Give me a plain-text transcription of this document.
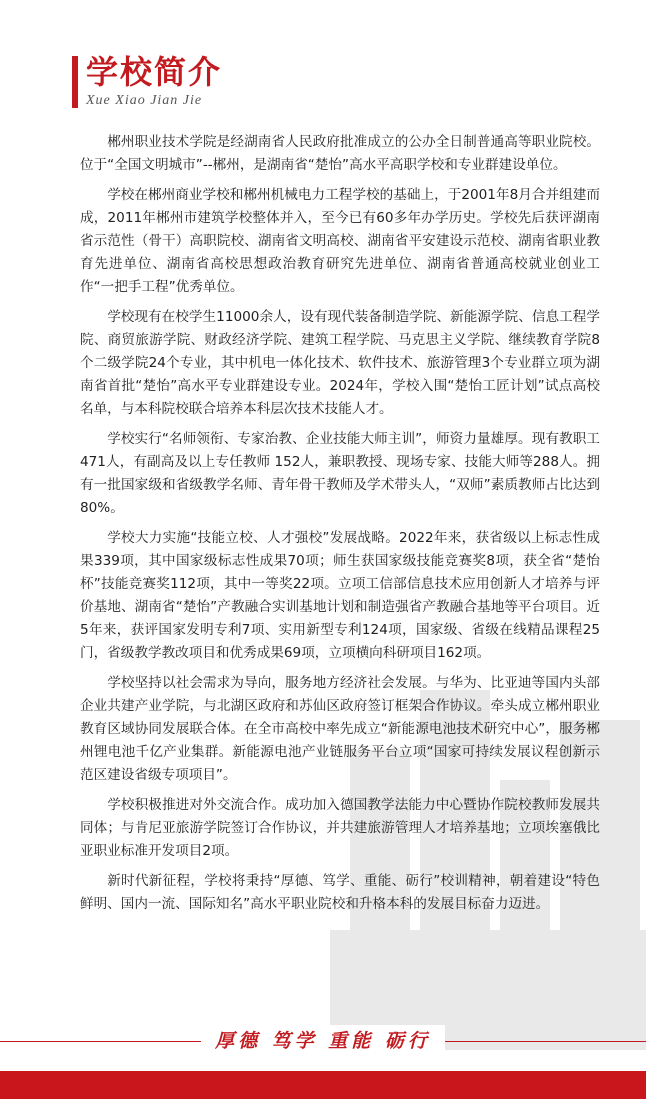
学校简介
Xue Xiao Jian Jie

郴州职业技术学院是经湖南省人民政府批准成立的公办全日制普通高等职业院校。位于“全国文明城市”--郴州，是湖南省“楚怡”高水平高职学校和专业群建设单位。

学校在郴州商业学校和郴州机械电力工程学校的基础上，于2001年8月合并组建而成，2011年郴州市建筑学校整体并入，至今已有60多年办学历史。学校先后获评湖南省示范性（骨干）高职院校、湖南省文明高校、湖南省平安建设示范校、湖南省职业教育先进单位、湖南省高校思想政治教育研究先进单位、湖南省普通高校就业创业工作“一把手工程”优秀单位。

学校现有在校学生11000余人，设有现代装备制造学院、新能源学院、信息工程学院、商贸旅游学院、财政经济学院、建筑工程学院、马克思主义学院、继续教育学院8个二级学院24个专业，其中机电一体化技术、软件技术、旅游管理3个专业群立项为湖南省首批“楚怡”高水平专业群建设专业。2024年，学校入围“楚怡工匠计划”试点高校名单，与本科院校联合培养本科层次技术技能人才。

学校实行“名师领衔、专家治教、企业技能大师主训”，师资力量雄厚。现有教职工471人，有副高及以上专任教师 152人，兼职教授、现场专家、技能大师等288人。拥有一批国家级和省级教学名师、青年骨干教师及学术带头人，“双师”素质教师占比达到80%。

学校大力实施“技能立校、人才强校”发展战略。2022年来，获省级以上标志性成果339项，其中国家级标志性成果70项；师生获国家级技能竞赛奖8项，获全省“楚怡杯”技能竞赛奖112项，其中一等奖22项。立项工信部信息技术应用创新人才培养与评价基地、湖南省“楚怡”产教融合实训基地计划和制造强省产教融合基地等平台项目。近5年来，获评国家发明专利7项、实用新型专利124项，国家级、省级在线精品课程25门，省级教学教改项目和优秀成果69项，立项横向科研项目162项。

学校坚持以社会需求为导向，服务地方经济社会发展。与华为、比亚迪等国内头部企业共建产业学院，与北湖区政府和苏仙区政府签订框架合作协议。牵头成立郴州职业教育区域协同发展联合体。在全市高校中率先成立“新能源电池技术研究中心”，服务郴州锂电池千亿产业集群。新能源电池产业链服务平台立项“国家可持续发展议程创新示范区建设省级专项项目”。

学校积极推进对外交流合作。成功加入德国教学法能力中心暨协作院校教师发展共同体；与肯尼亚旅游学院签订合作协议，并共建旅游管理人才培养基地；立项埃塞俄比亚职业标准开发项目2项。

新时代新征程，学校将秉持“厚德、笃学、重能、砺行”校训精神，朝着建设“特色鲜明、国内一流、国际知名”高水平职业院校和升格本科的发展目标奋力迈进。

厚德 笃学 重能 砺行
